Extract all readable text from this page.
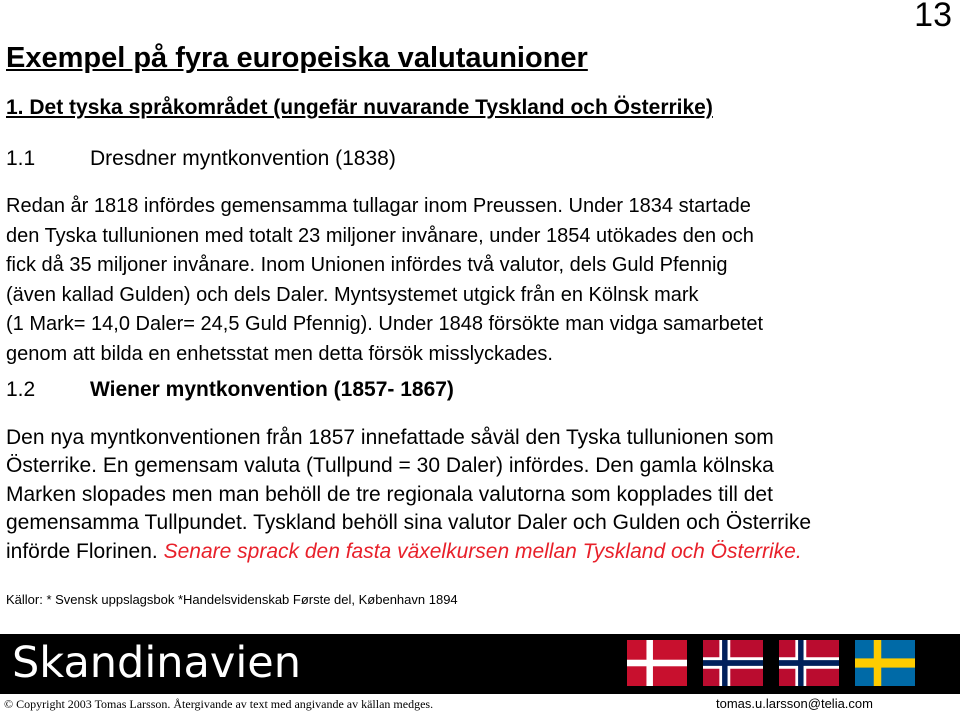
13
Exempel på fyra europeiska valutaunioner
1. Det tyska språkområdet (ungefär nuvarande Tyskland och Österrike)
1.1	Dresdner myntkonvention (1838)
Redan år 1818 infördes gemensamma tullagar inom Preussen. Under 1834 startade
den Tyska tullunionen med totalt 23 miljoner invånare, under 1854 utökades den och
fick då 35 miljoner invånare. Inom Unionen infördes två valutor, dels Guld Pfennig
(även kallad Gulden) och dels Daler. Myntsystemet utgick från en Kölnsk mark
(1 Mark= 14,0 Daler= 24,5 Guld Pfennig). Under 1848 försökte man vidga samarbetet
genom att bilda en enhetsstat men detta försök misslyckades.
1.2	Wiener myntkonvention (1857- 1867)
Den nya myntkonventionen från 1857 innefattade såväl den Tyska tullunionen som
Österrike. En gemensam valuta (Tullpund = 30 Daler) infördes. Den gamla kölnska
Marken slopades men man behöll de tre regionala valutorna som kopplades till det
gemensamma Tullpundet. Tyskland behöll sina valutor Daler och Gulden och Österrike
införde Florinen. Senare sprack den fasta växelkursen mellan Tyskland och Österrike.
Källor: * Svensk uppslagsbok *Handelsvidenskab Første del, København 1894
Skandinavien
© Copyright 2003 Tomas Larsson. Återgivande av text med angivande av källan medges.	tomas.u.larsson@telia.com
